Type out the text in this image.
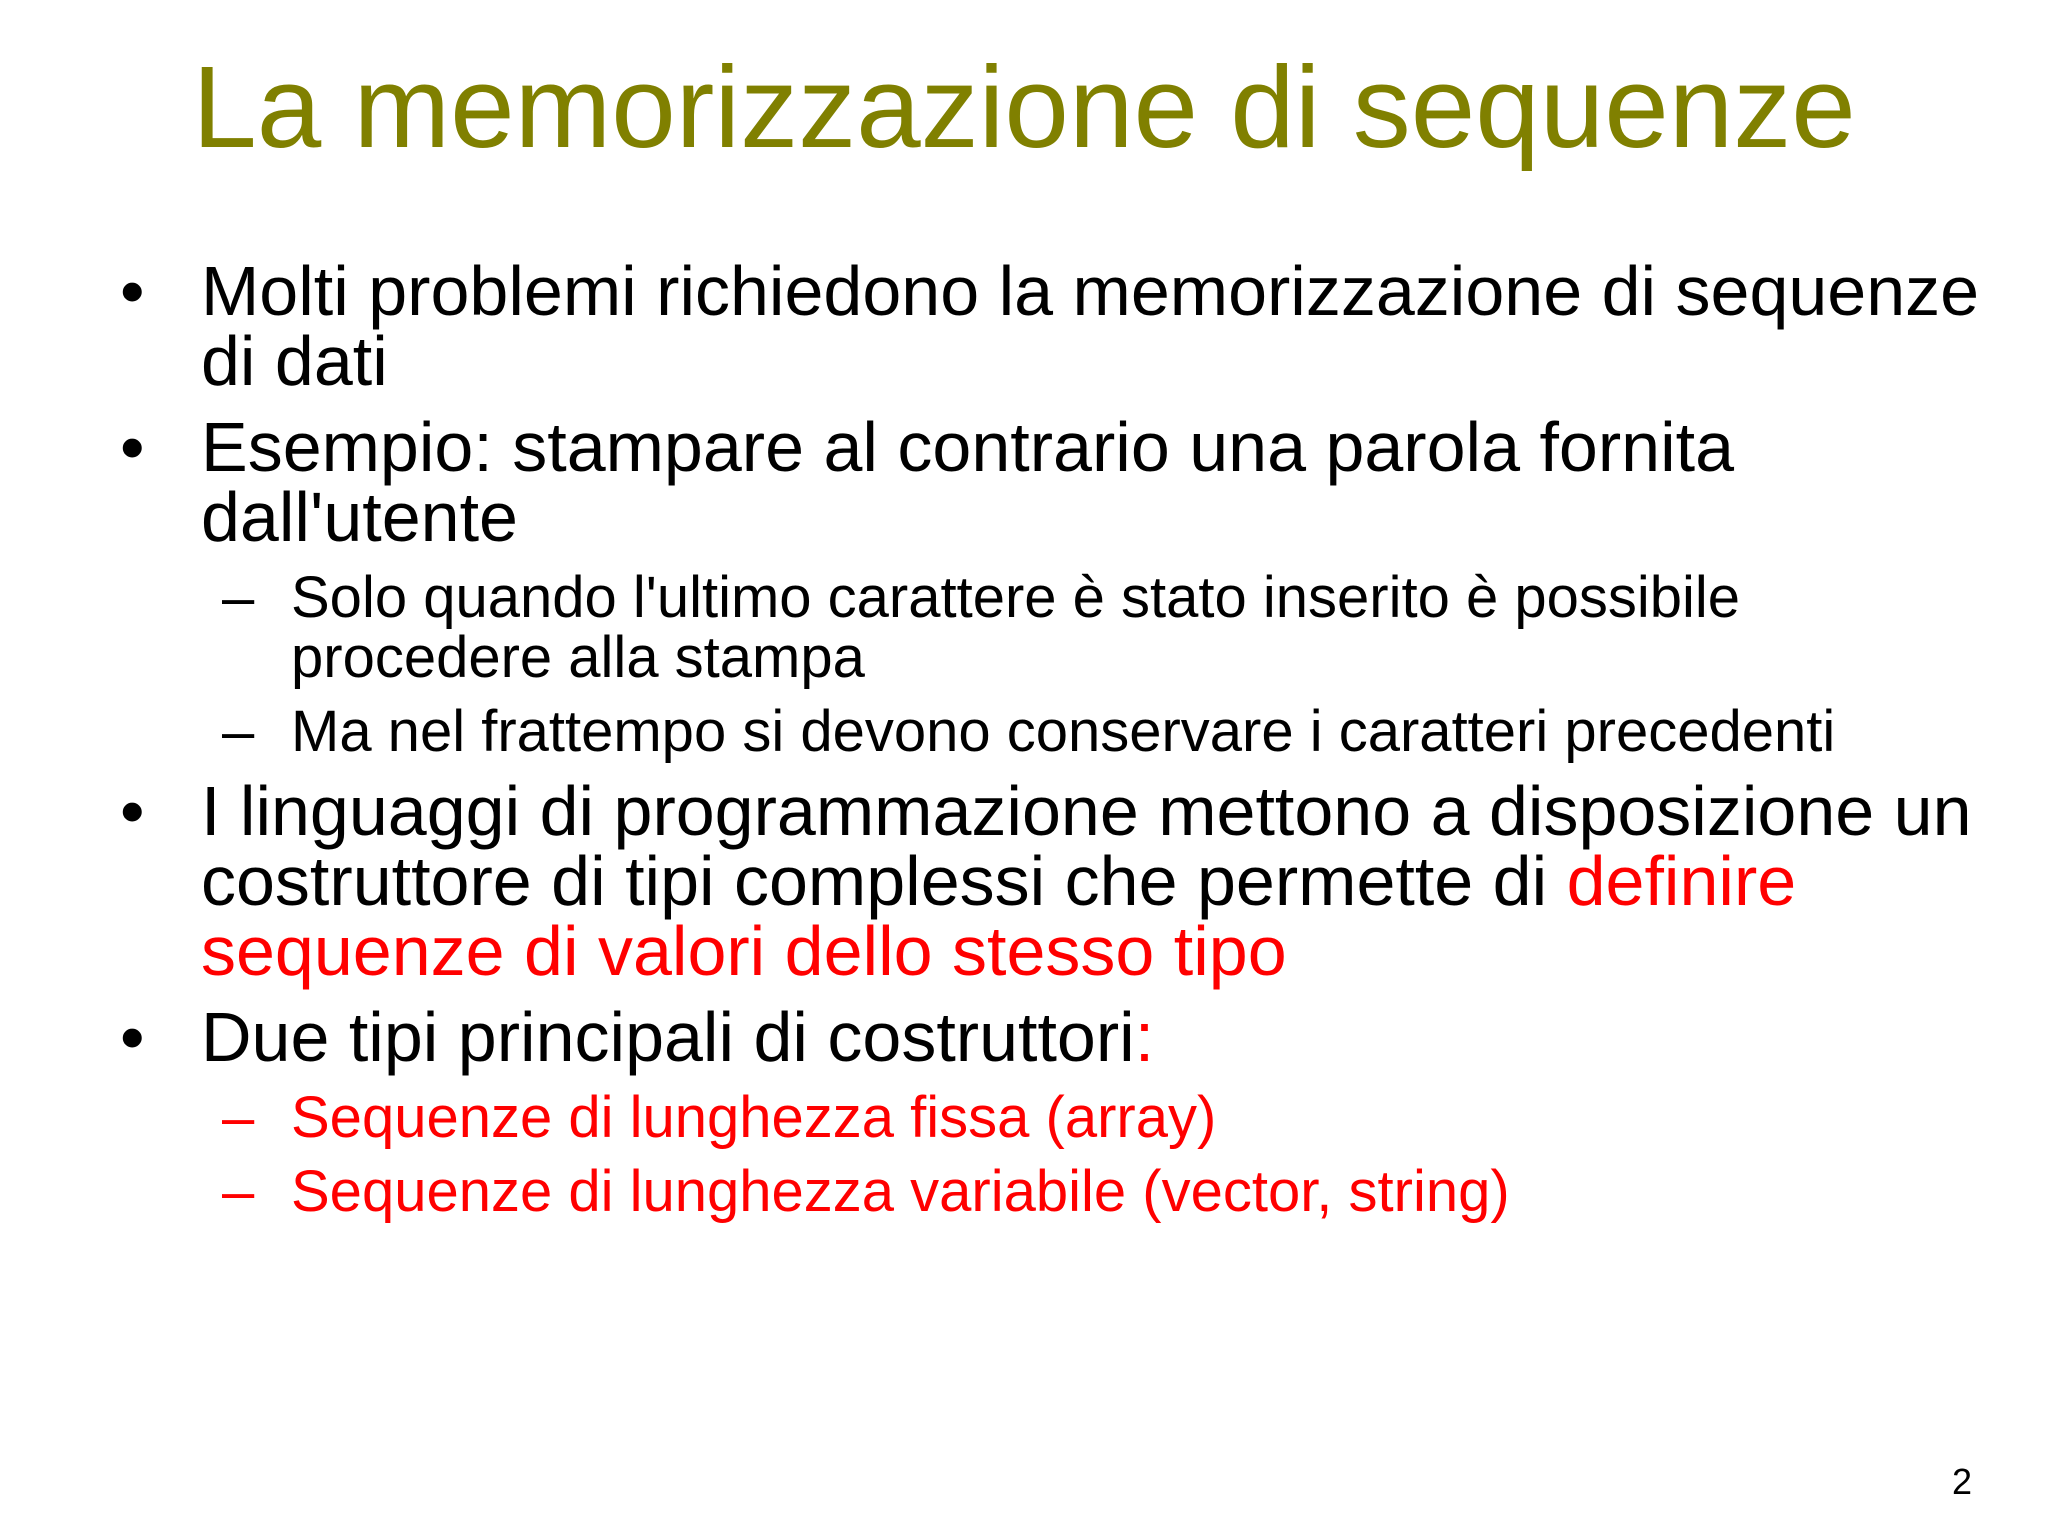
La memorizzazione di sequenze
• Molti problemi richiedono la memorizzazione di sequenze di dati
• Esempio: stampare al contrario una parola fornita dall'utente
– Solo quando l'ultimo carattere è stato inserito è possibile procedere alla stampa
– Ma nel frattempo si devono conservare i caratteri precedenti
• I linguaggi di programmazione mettono a disposizione un costruttore di tipi complessi che permette di definire sequenze di valori dello stesso tipo
• Due tipi principali di costruttori:
– Sequenze di lunghezza fissa (array)
– Sequenze di lunghezza variabile (vector, string)
2
